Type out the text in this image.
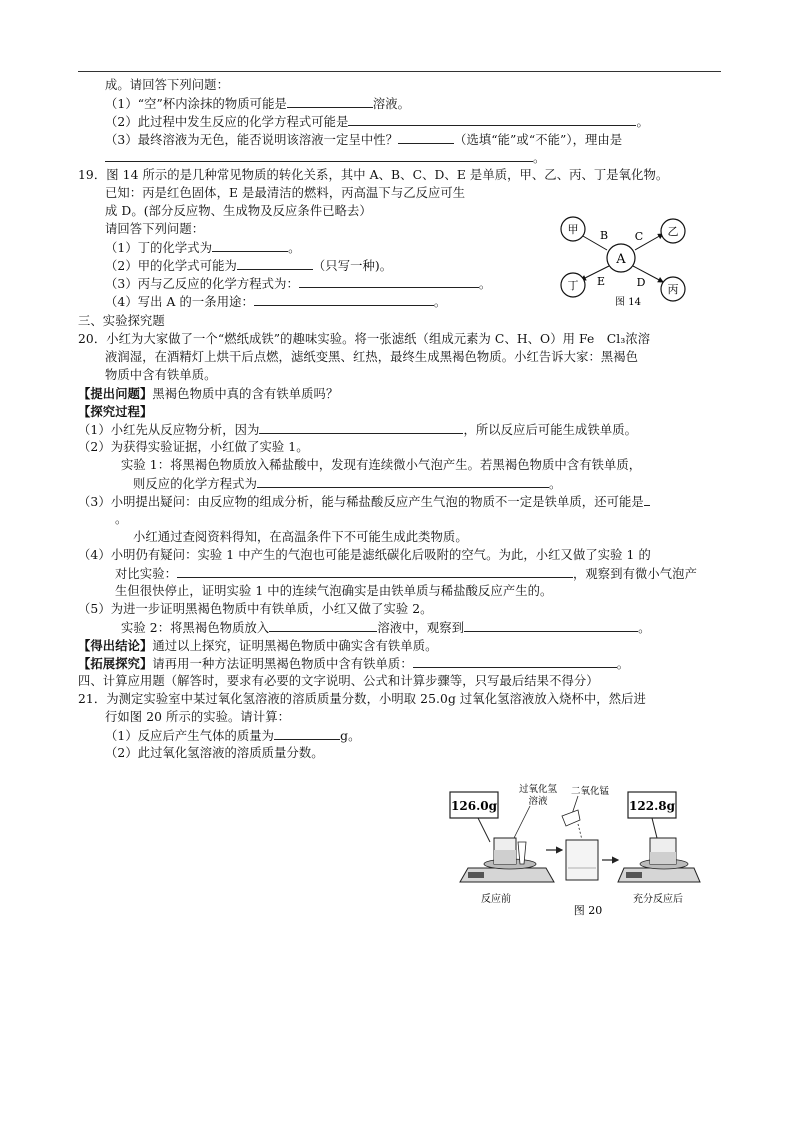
成。请回答下列问题：
（1）“空”杯内涂抹的物质可能是	溶液。
（2）此过程中发生反应的化学方程式可能是	。
（3）最终溶液为无色，能否说明该溶液一定呈中性？	（选填“能”或“不能”），理由是
。
19．图 14 所示的是几种常见物质的转化关系，其中 A、B、C、D、E 是单质，甲、乙、丙、丁是氧化物。
已知：丙是红色固体，E 是最清洁的燃料，丙高温下与乙反应可生
成 D。(部分反应物、生成物及反应条件已略去）
请回答下列问题：
（1）丁的化学式为	。
（2）甲的化学式可能为	（只写一种)。
（3）丙与乙反应的化学方程式为：	。
（4）写出 A 的一条用途：	。
A
甲	乙
丁	丙
B C
E	D
图 14
三、实验探究题
20．小红为大家做了一个“燃纸成铁”的趣味实验。将一张滤纸（组成元素为 C、H、O）用 Fe　Cl₃浓溶
液润湿，在酒精灯上烘干后点燃，滤纸变黑、红热，最终生成黑褐色物质。小红告诉大家：黑褐色
物质中含有铁单质。
【提出问题】黑褐色物质中真的含有铁单质吗？
【探究过程】
（1）小红先从反应物分析，因为	，所以反应后可能生成铁单质。
（2）为获得实验证据，小红做了实验 1。
实验 1：将黑褐色物质放入稀盐酸中，发现有连续微小气泡产生。若黑褐色物质中含有铁单质，
则反应的化学方程式为	。
（3）小明提出疑问：由反应物的组成分析，能与稀盐酸反应产生气泡的物质不一定是铁单质，还可能是
。
小红通过查阅资料得知，在高温条件下不可能生成此类物质。
（4）小明仍有疑问：实验 1 中产生的气泡也可能是滤纸碳化后吸附的空气。为此，小红又做了实验 1 的
对比实验：	，观察到有微小气泡产
生但很快停止，证明实验 1 中的连续气泡确实是由铁单质与稀盐酸反应产生的。
（5）为进一步证明黑褐色物质中有铁单质，小红又做了实验 2。
实验 2：将黑褐色物质放入	溶液中，观察到	。
【得出结论】通过以上探究，证明黑褐色物质中确实含有铁单质。
【拓展探究】请再用一种方法证明黑褐色物质中含有铁单质：	。
四、计算应用题（解答时，要求有必要的文字说明、公式和计算步骤等，只写最后结果不得分）
21．为测定实验室中某过氧化氢溶液的溶质质量分数，小明取 25.0g 过氧化氢溶液放入烧杯中，然后进
行如图 20 所示的实验。请计算：
（1）反应后产生气体的质量为	g。
（2）此过氧化氢溶液的溶质质量分数。
126.0g
过氧化氢
溶液
二氧化锰
122.8g
反应前	充分反应后
图 20
